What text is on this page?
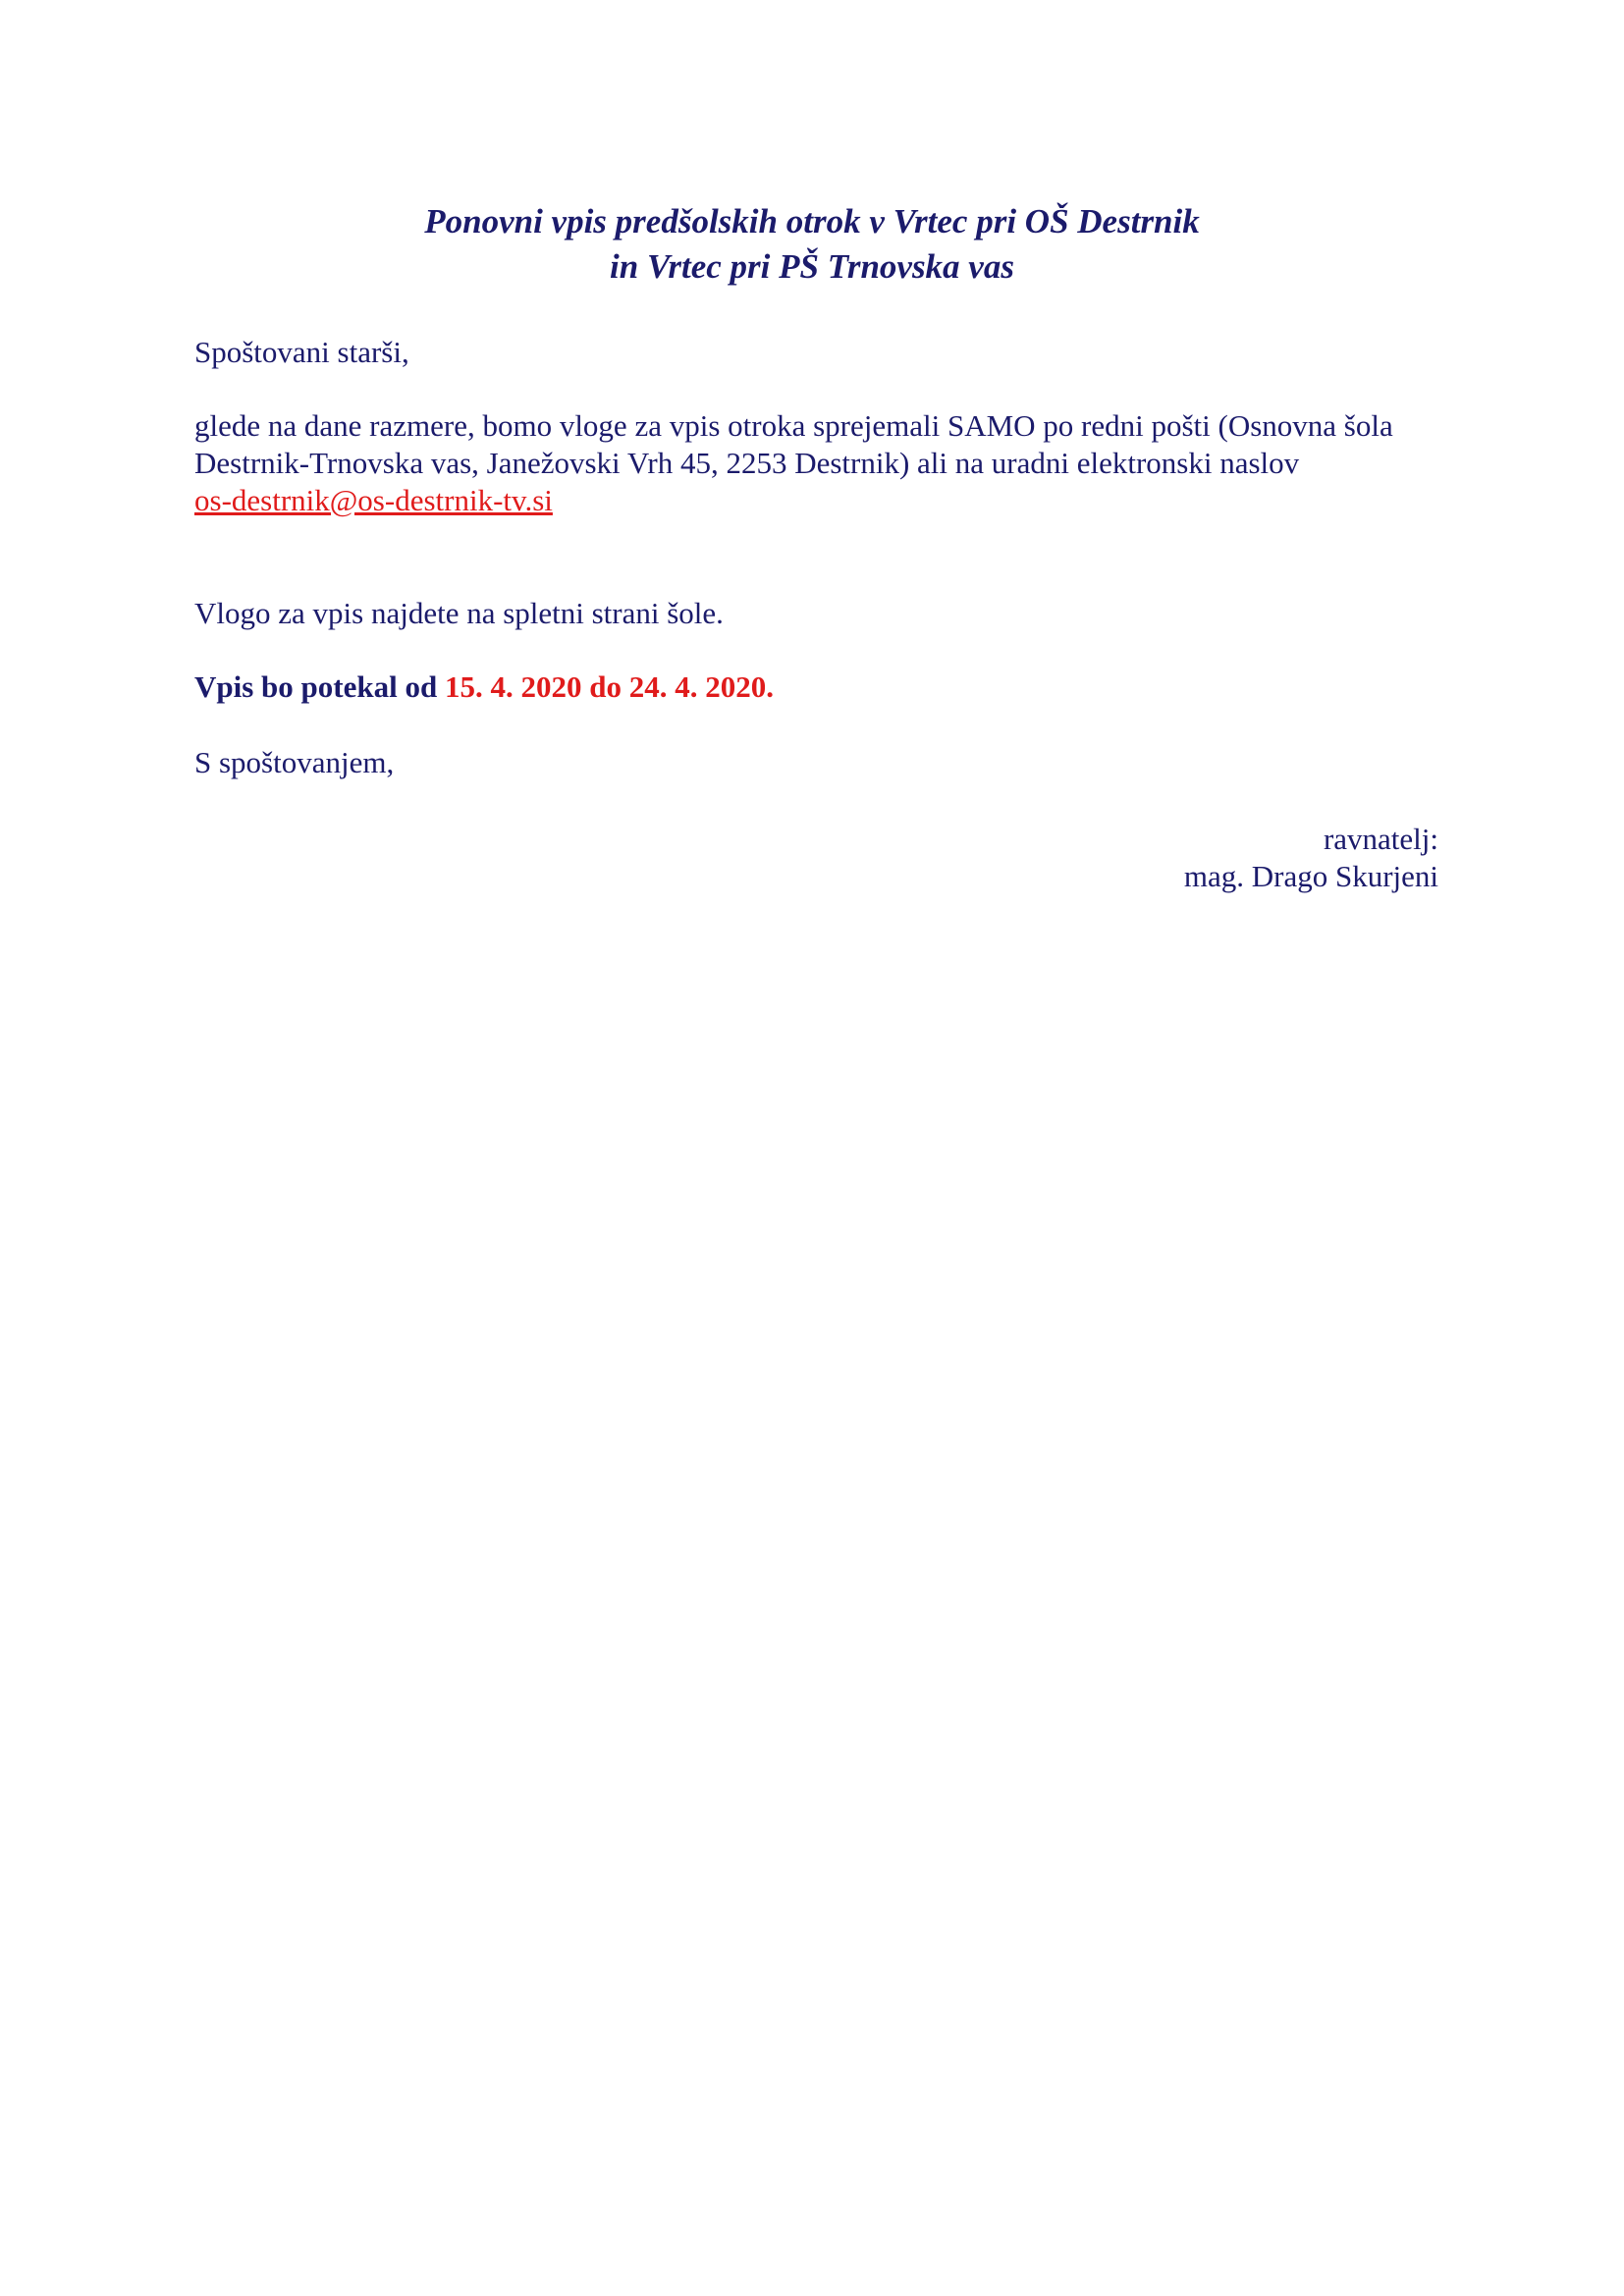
Ponovni vpis predšolskih otrok v Vrtec pri OŠ Destrnik
in Vrtec pri PŠ Trnovska vas

Spoštovani starši,

glede na dane razmere, bomo vloge za vpis otroka sprejemali SAMO po redni pošti (Osnovna šola Destrnik-Trnovska vas, Janežovski Vrh 45, 2253 Destrnik) ali na uradni elektronski naslov
os-destrnik@os-destrnik-tv.si

Vlogo za vpis najdete na spletni strani šole.

Vpis bo potekal od 15. 4. 2020 do 24. 4. 2020.

S spoštovanjem,

ravnatelj:
mag. Drago Skurjeni
